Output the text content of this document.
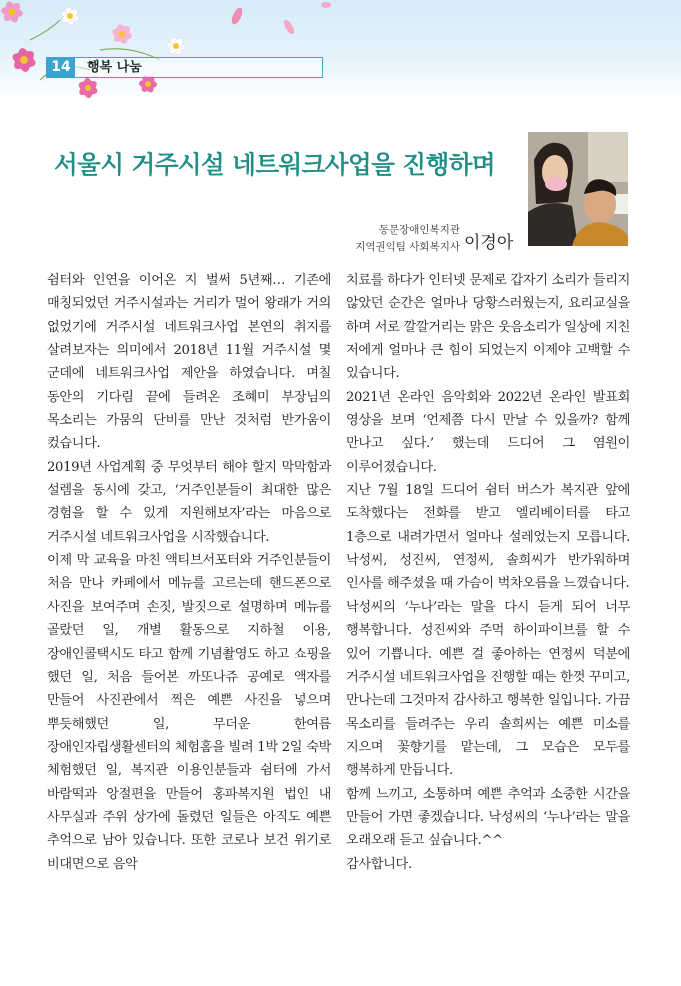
14	행복 나눔
서울시 거주시설 네트워크사업을 진행하며
동문장애인복지관
지역권익팀 사회복지사 이경아

쉼터와 인연을 이어온 지 벌써 5년째… 기존에 매칭되었던 거주시설과는 거리가 멀어 왕래가 거의 없었기에 거주시설 네트워크사업 본연의 취지를 살려보자는 의미에서 2018년 11월 거주시설 몇 군데에 네트워크사업 제안을 하였습니다. 며칠 동안의 기다림 끝에 들려온 조혜미 부장님의 목소리는 가뭄의 단비를 만난 것처럼 반가움이 컸습니다.

2019년 사업계획 중 무엇부터 해야 할지 막막함과 설렘을 동시에 갖고, ‘거주인분들이 최대한 많은 경험을 할 수 있게 지원해보자’라는 마음으로 거주시설 네트워크사업을 시작했습니다.

이제 막 교육을 마친 액티브서포터와 거주인분들이 처음 만나 카페에서 메뉴를 고르는데 핸드폰으로 사진을 보여주며 손짓, 발짓으로 설명하며 메뉴를 골랐던 일, 개별 활동으로 지하철 이용, 장애인콜택시도 타고 함께 기념촬영도 하고 쇼핑을 했던 일, 처음 들어본 까또나쥬 공예로 액자를 만들어 사진관에서 찍은 예쁜 사진을 넣으며 뿌듯해했던 일, 무더운 한여름 장애인자립생활센터의 체험홈을 빌려 1박 2일 숙박 체험했던 일, 복지관 이용인분들과 쉼터에 가서 바람떡과 앙절편을 만들어 홍파복지원 법인 내 사무실과 주위 상가에 돌렸던 일들은 아직도 예쁜 추억으로 남아 있습니다. 또한 코로나 보건 위기로 비대면으로 음악

치료를 하다가 인터넷 문제로 갑자기 소리가 들리지 않았던 순간은 얼마나 당황스러웠는지, 요리교실을 하며 서로 깔깔거리는 맑은 웃음소리가 일상에 지친 저에게 얼마나 큰 힘이 되었는지 이제야 고백할 수 있습니다.

2021년 온라인 음악회와 2022년 온라인 발표회 영상을 보며 ‘언제쯤 다시 만날 수 있을까? 함께 만나고 싶다.’ 했는데 드디어 그 염원이 이루어졌습니다.

지난 7월 18일 드디어 쉼터 버스가 복지관 앞에 도착했다는 전화를 받고 엘리베이터를 타고 1층으로 내려가면서 얼마나 설레었는지 모릅니다. 낙성씨, 성진씨, 연정씨, 솔희씨가 반가워하며 인사를 해주셨을 때 가슴이 벅차오름을 느꼈습니다.

낙성씨의 ‘누나’라는 말을 다시 듣게 되어 너무 행복합니다. 성진씨와 주먹 하이파이브를 할 수 있어 기쁩니다. 예쁜 걸 좋아하는 연정씨 덕분에 거주시설 네트워크사업을 진행할 때는 한껏 꾸미고, 만나는데 그것마저 감사하고 행복한 일입니다. 가끔 목소리를 들려주는 우리 솔희씨는 예쁜 미소를 지으며 꽃향기를 맡는데, 그 모습은 모두를 행복하게 만듭니다.

함께 느끼고, 소통하며 예쁜 추억과 소중한 시간을 만들어 가면 좋겠습니다. 낙성씨의 ‘누나’라는 말을 오래오래 듣고 싶습니다.^^

감사합니다.
